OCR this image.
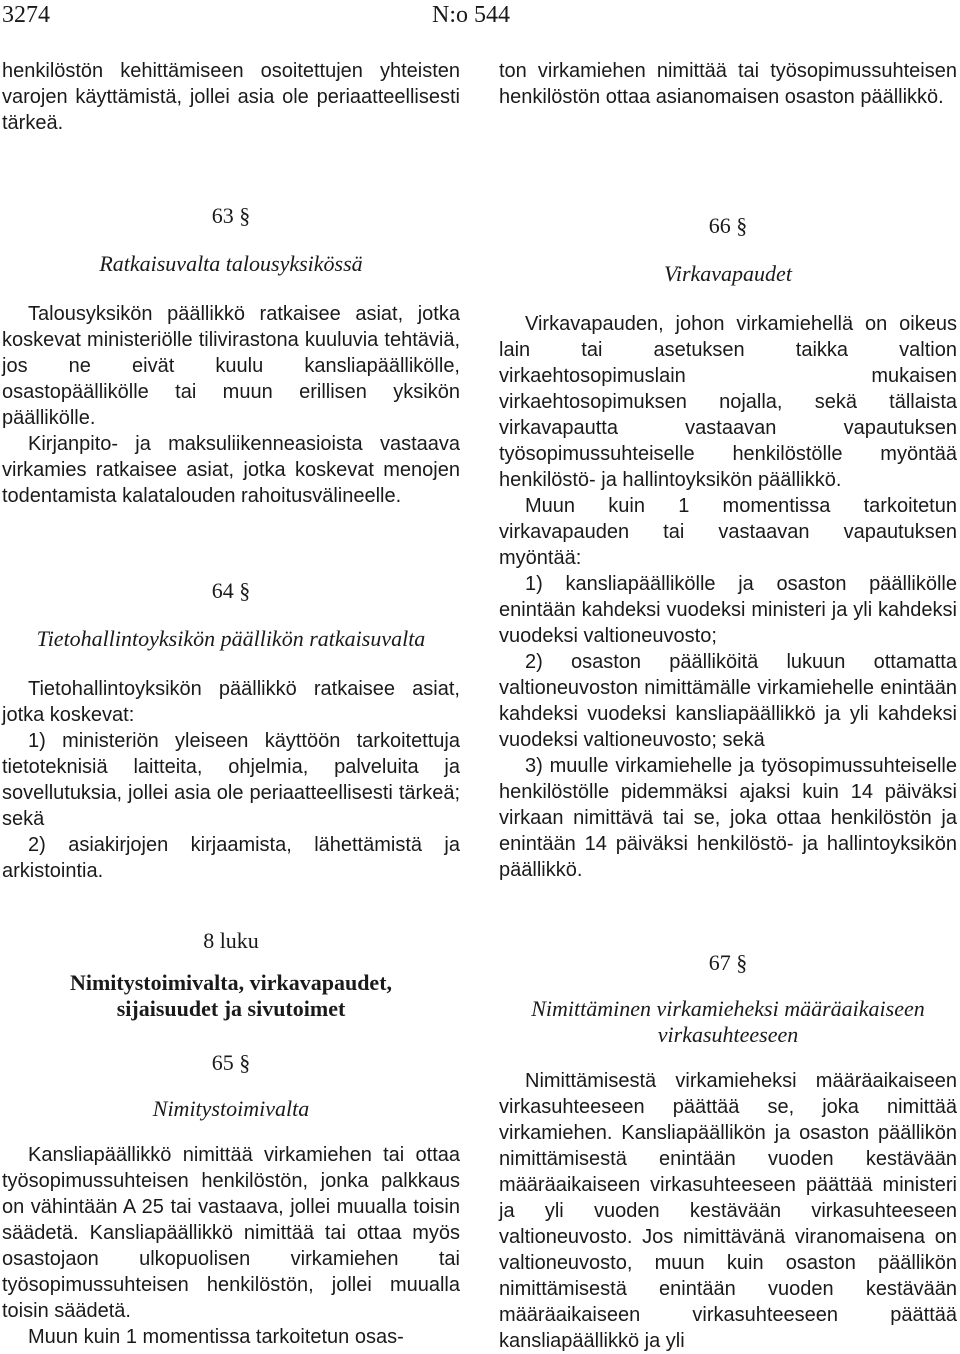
3274	N:o 544

henkilöstön kehittämiseen osoitettujen yhteisten varojen käyttämistä, jollei asia ole periaatteellisesti tärkeä.

63 §

Ratkaisuvalta talousyksikössä

Talousyksikön päällikkö ratkaisee asiat, jotka koskevat ministeriölle tilivirastona kuuluvia tehtäviä, jos ne eivät kuulu kansliapäällikölle, osastopäällikölle tai muun erillisen yksikön päällikölle.

Kirjanpito- ja maksuliikenneasioista vastaava virkamies ratkaisee asiat, jotka koskevat menojen todentamista kalatalouden rahoitusvälineelle.

64 §

Tietohallintoyksikön päällikön ratkaisuvalta

Tietohallintoyksikön päällikkö ratkaisee asiat, jotka koskevat:

1) ministeriön yleiseen käyttöön tarkoitettuja tietoteknisiä laitteita, ohjelmia, palveluita ja sovellutuksia, jollei asia ole periaatteellisesti tärkeä; sekä

2) asiakirjojen kirjaamista, lähettämistä ja arkistointia.

8 luku

Nimitystoimivalta, virkavapaudet, sijaisuudet ja sivutoimet

65 §

Nimitystoimivalta

Kansliapäällikkö nimittää virkamiehen tai ottaa työsopimussuhteisen henkilöstön, jonka palkkaus on vähintään A 25 tai vastaava, jollei muualla toisin säädetä. Kansliapäällikkö nimittää tai ottaa myös osastojaon ulkopuolisen virkamiehen tai työsopimussuhteisen henkilöstön, jollei muualla toisin säädetä.

Muun kuin 1 momentissa tarkoitetun osas-

ton virkamiehen nimittää tai työsopimussuhteisen henkilöstön ottaa asianomaisen osaston päällikkö.

66 §

Virkavapaudet

Virkavapauden, johon virkamiehellä on oikeus lain tai asetuksen taikka valtion virkaehtosopimuslain mukaisen virkaehtosopimuksen nojalla, sekä tällaista virkavapautta vastaavan vapautuksen työsopimussuhteiselle henkilöstölle myöntää henkilöstö- ja hallintoyksikön päällikkö.

Muun kuin 1 momentissa tarkoitetun virkavapauden tai vastaavan vapautuksen myöntää:

1) kansliapäällikölle ja osaston päällikölle enintään kahdeksi vuodeksi ministeri ja yli kahdeksi vuodeksi valtioneuvosto;

2) osaston päälliköitä lukuun ottamatta valtioneuvoston nimittämälle virkamiehelle enintään kahdeksi vuodeksi kansliapäällikkö ja yli kahdeksi vuodeksi valtioneuvosto; sekä

3) muulle virkamiehelle ja työsopimussuhteiselle henkilöstölle pidemmäksi ajaksi kuin 14 päiväksi virkaan nimittävä tai se, joka ottaa henkilöstön ja enintään 14 päiväksi henkilöstö- ja hallintoyksikön päällikkö.

67 §

Nimittäminen virkamieheksi määräaikaiseen virkasuhteeseen

Nimittämisestä virkamieheksi määräaikaiseen virkasuhteeseen päättää se, joka nimittää virkamiehen. Kansliapäällikön ja osaston päällikön nimittämisestä enintään vuoden kestävään määräaikaiseen virkasuhteeseen päättää ministeri ja yli vuoden kestävään virkasuhteeseen valtioneuvosto. Jos nimittävänä viranomaisena on valtioneuvosto, muun kuin osaston päällikön nimittämisestä enintään vuoden kestävään määräaikaiseen virkasuhteeseen päättää kansliapäällikkö ja yli
